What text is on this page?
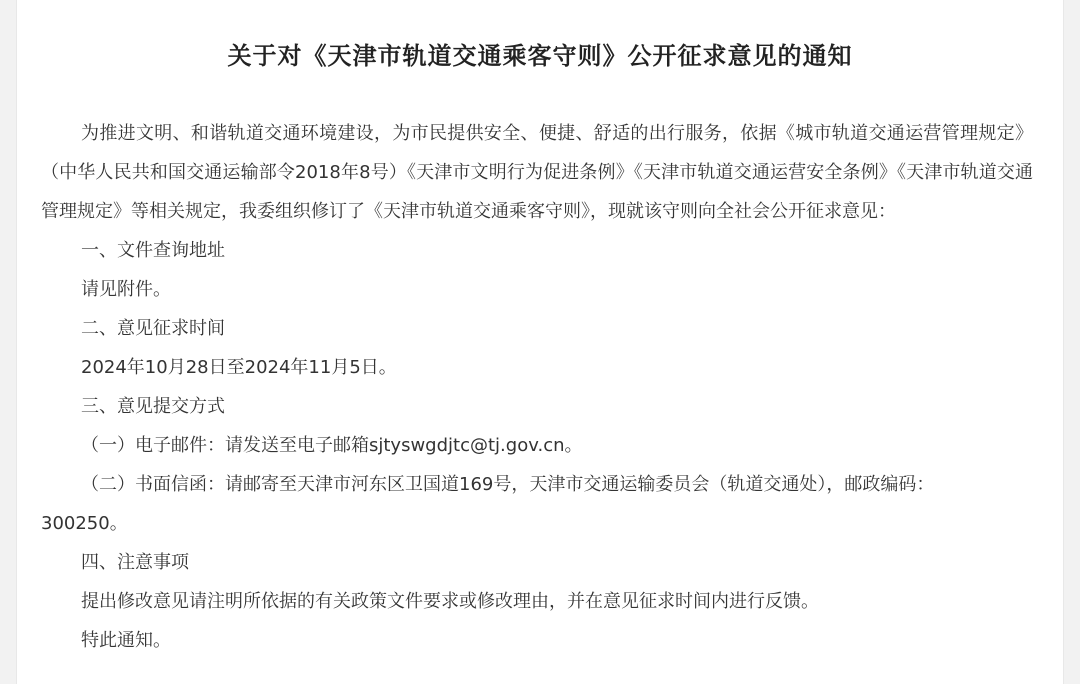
关于对《天津市轨道交通乘客守则》公开征求意见的通知

为推进文明、和谐轨道交通环境建设，为市民提供安全、便捷、舒适的出行服务，依据《城市轨道交通运营管理规定》（中华人民共和国交通运输部令2018年8号）《天津市文明行为促进条例》《天津市轨道交通运营安全条例》《天津市轨道交通管理规定》等相关规定，我委组织修订了《天津市轨道交通乘客守则》，现就该守则向全社会公开征求意见：

一、文件查询地址

请见附件。

二、意见征求时间

2024年10月28日至2024年11月5日。

三、意见提交方式

（一）电子邮件：请发送至电子邮箱sjtyswgdjtc@tj.gov.cn。

（二）书面信函：请邮寄至天津市河东区卫国道169号，天津市交通运输委员会（轨道交通处），邮政编码：

300250。

四、注意事项

提出修改意见请注明所依据的有关政策文件要求或修改理由，并在意见征求时间内进行反馈。

特此通知。
